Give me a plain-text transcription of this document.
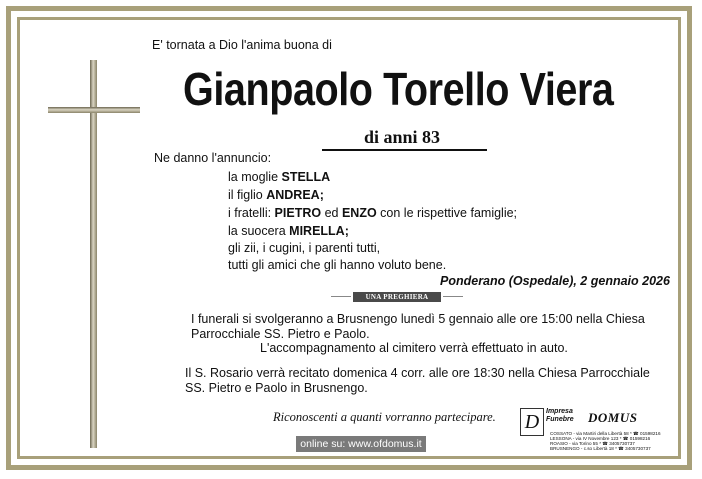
E' tornata a Dio l'anima buona di
Gianpaolo Torello Viera
di anni 83
Ne danno l'annuncio:
la moglie STELLA
il figlio ANDREA;
i fratelli: PIETRO ed ENZO con le rispettive famiglie;
la suocera MIRELLA;
gli zii, i cugini, i parenti tutti,
tutti gli amici che gli hanno voluto bene.
Ponderano (Ospedale), 2 gennaio 2026
UNA PREGHIERA
I funerali si svolgeranno a Brusnengo lunedì 5 gennaio alle ore 15:00 nella Chiesa
Parrocchiale SS. Pietro e Paolo.
L'accompagnamento al cimitero verrà effettuato in auto.
Il S. Rosario verrà recitato domenica 4 corr. alle ore 18:30 nella Chiesa Parrocchiale
SS. Pietro e Paolo in Brusnengo.
Riconoscenti a quanti vorranno partecipare.
online su: www.ofdomus.it
D Impresa
Funebre DOMUS
COSSATO - via Martiri della Libertà 58 * ☎ 01598216
LESSONA - via IV Novembre 123 * ☎ 01598216
ROASIO - via Torino 55 * ☎ 3405730737
BRUSNENGO - c.so Libertà 18 * ☎ 3405730737
